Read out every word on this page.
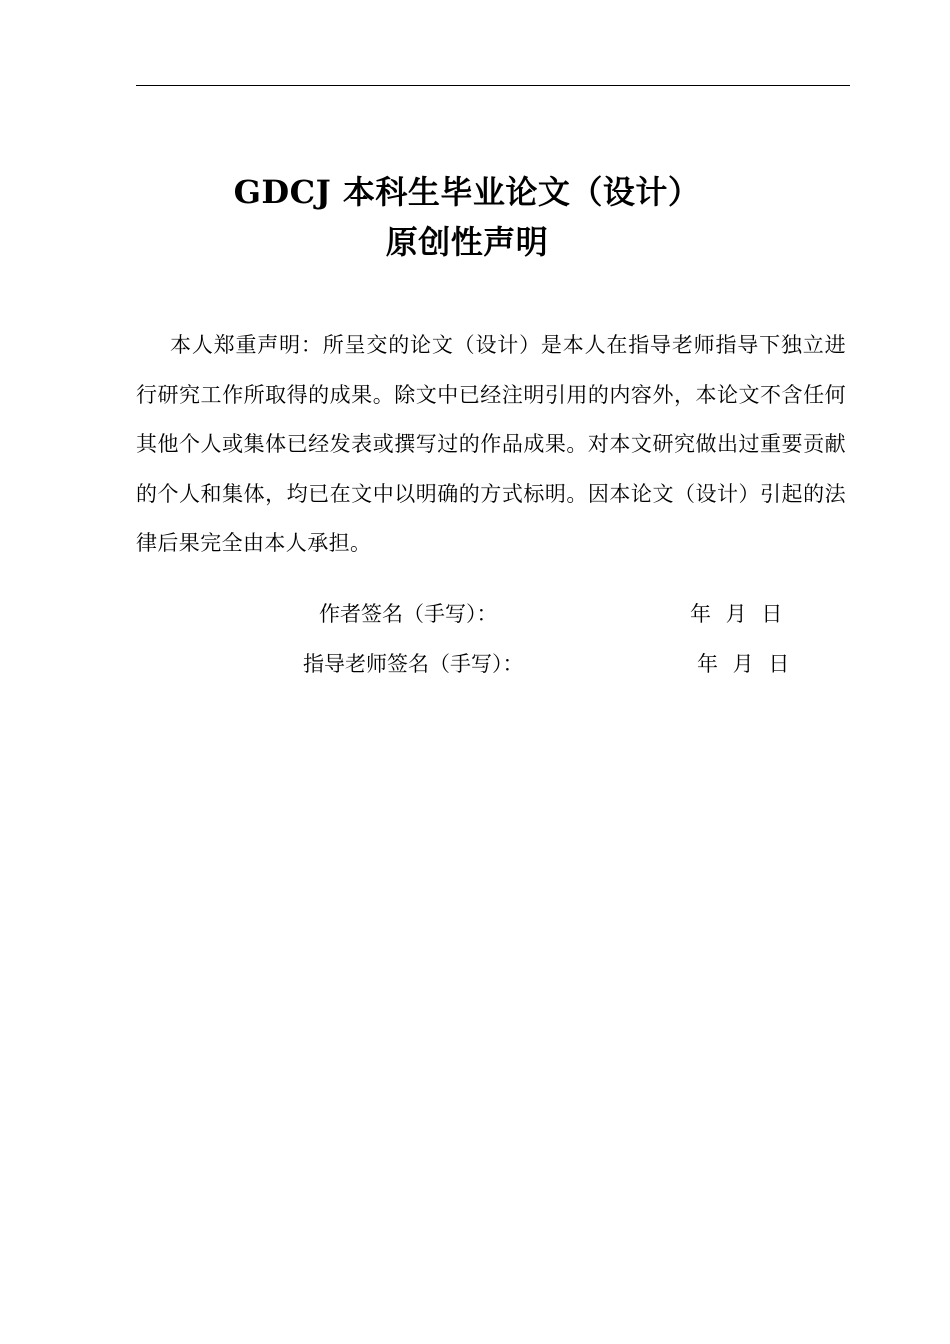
GDCJ 本科生毕业论文（设计）
原创性声明
本人郑重声明：所呈交的论文（设计）是本人在指导老师指导下独立进行研究工作所取得的成果。除文中已经注明引用的内容外，本论文不含任何其他个人或集体已经发表或撰写过的作品成果。对本文研究做出过重要贡献的个人和集体，均已在文中以明确的方式标明。因本论文（设计）引起的法律后果完全由本人承担。
作者签名（手写）：	年 月 日
指导老师签名（手写）：	年 月 日
